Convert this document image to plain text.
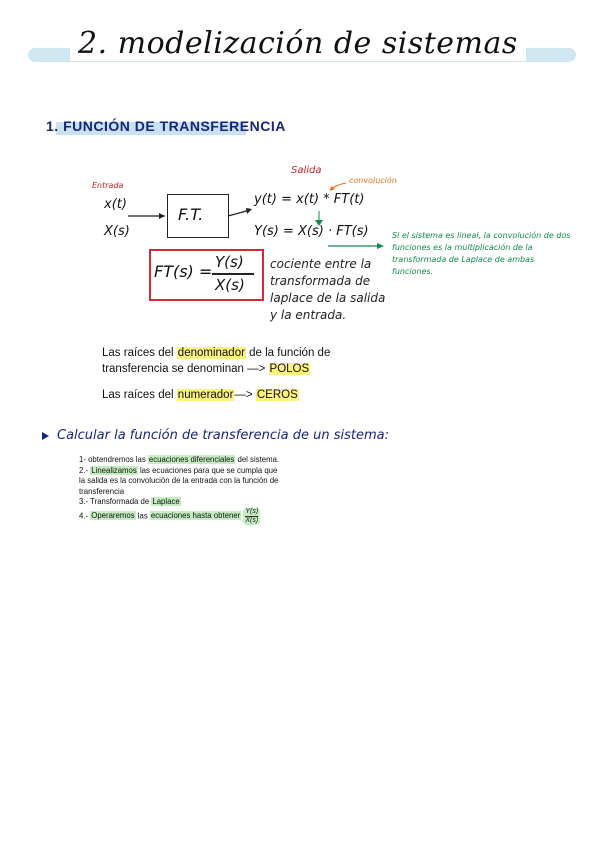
2. modelización de sistemas
1. FUNCIÓN DE TRANSFERENCIA
Salida
convolución
Entrada
x(t)
X(s)
F.T.
y(t) = x(t) * FT(t)
Y(s) = X(s) · FT(s)
FT(s) = Y(s)
X(s)
cociente entre la transformada de laplace de la salida y la entrada.
Si el sistema es lineal, la convolución de dos funciones es la multiplicación de la transformada de Laplace de ambas funciones.
Las raíces del denominador de la función de
transferencia se denominan —> POLOS
Las raíces del numerador—> CEROS
Calcular la función de transferencia de un sistema:
1- obtendremos las ecuaciones diferenciales del sistema.
2.- Linealizamos las ecuaciones para que se cumpla que la salida es la convolución de la entrada con la función de transferencia
3.- Transformada de Laplace
4.- Operaremos las ecuaciones hasta obtener $\frac{Y(s)}{X(s)}$
